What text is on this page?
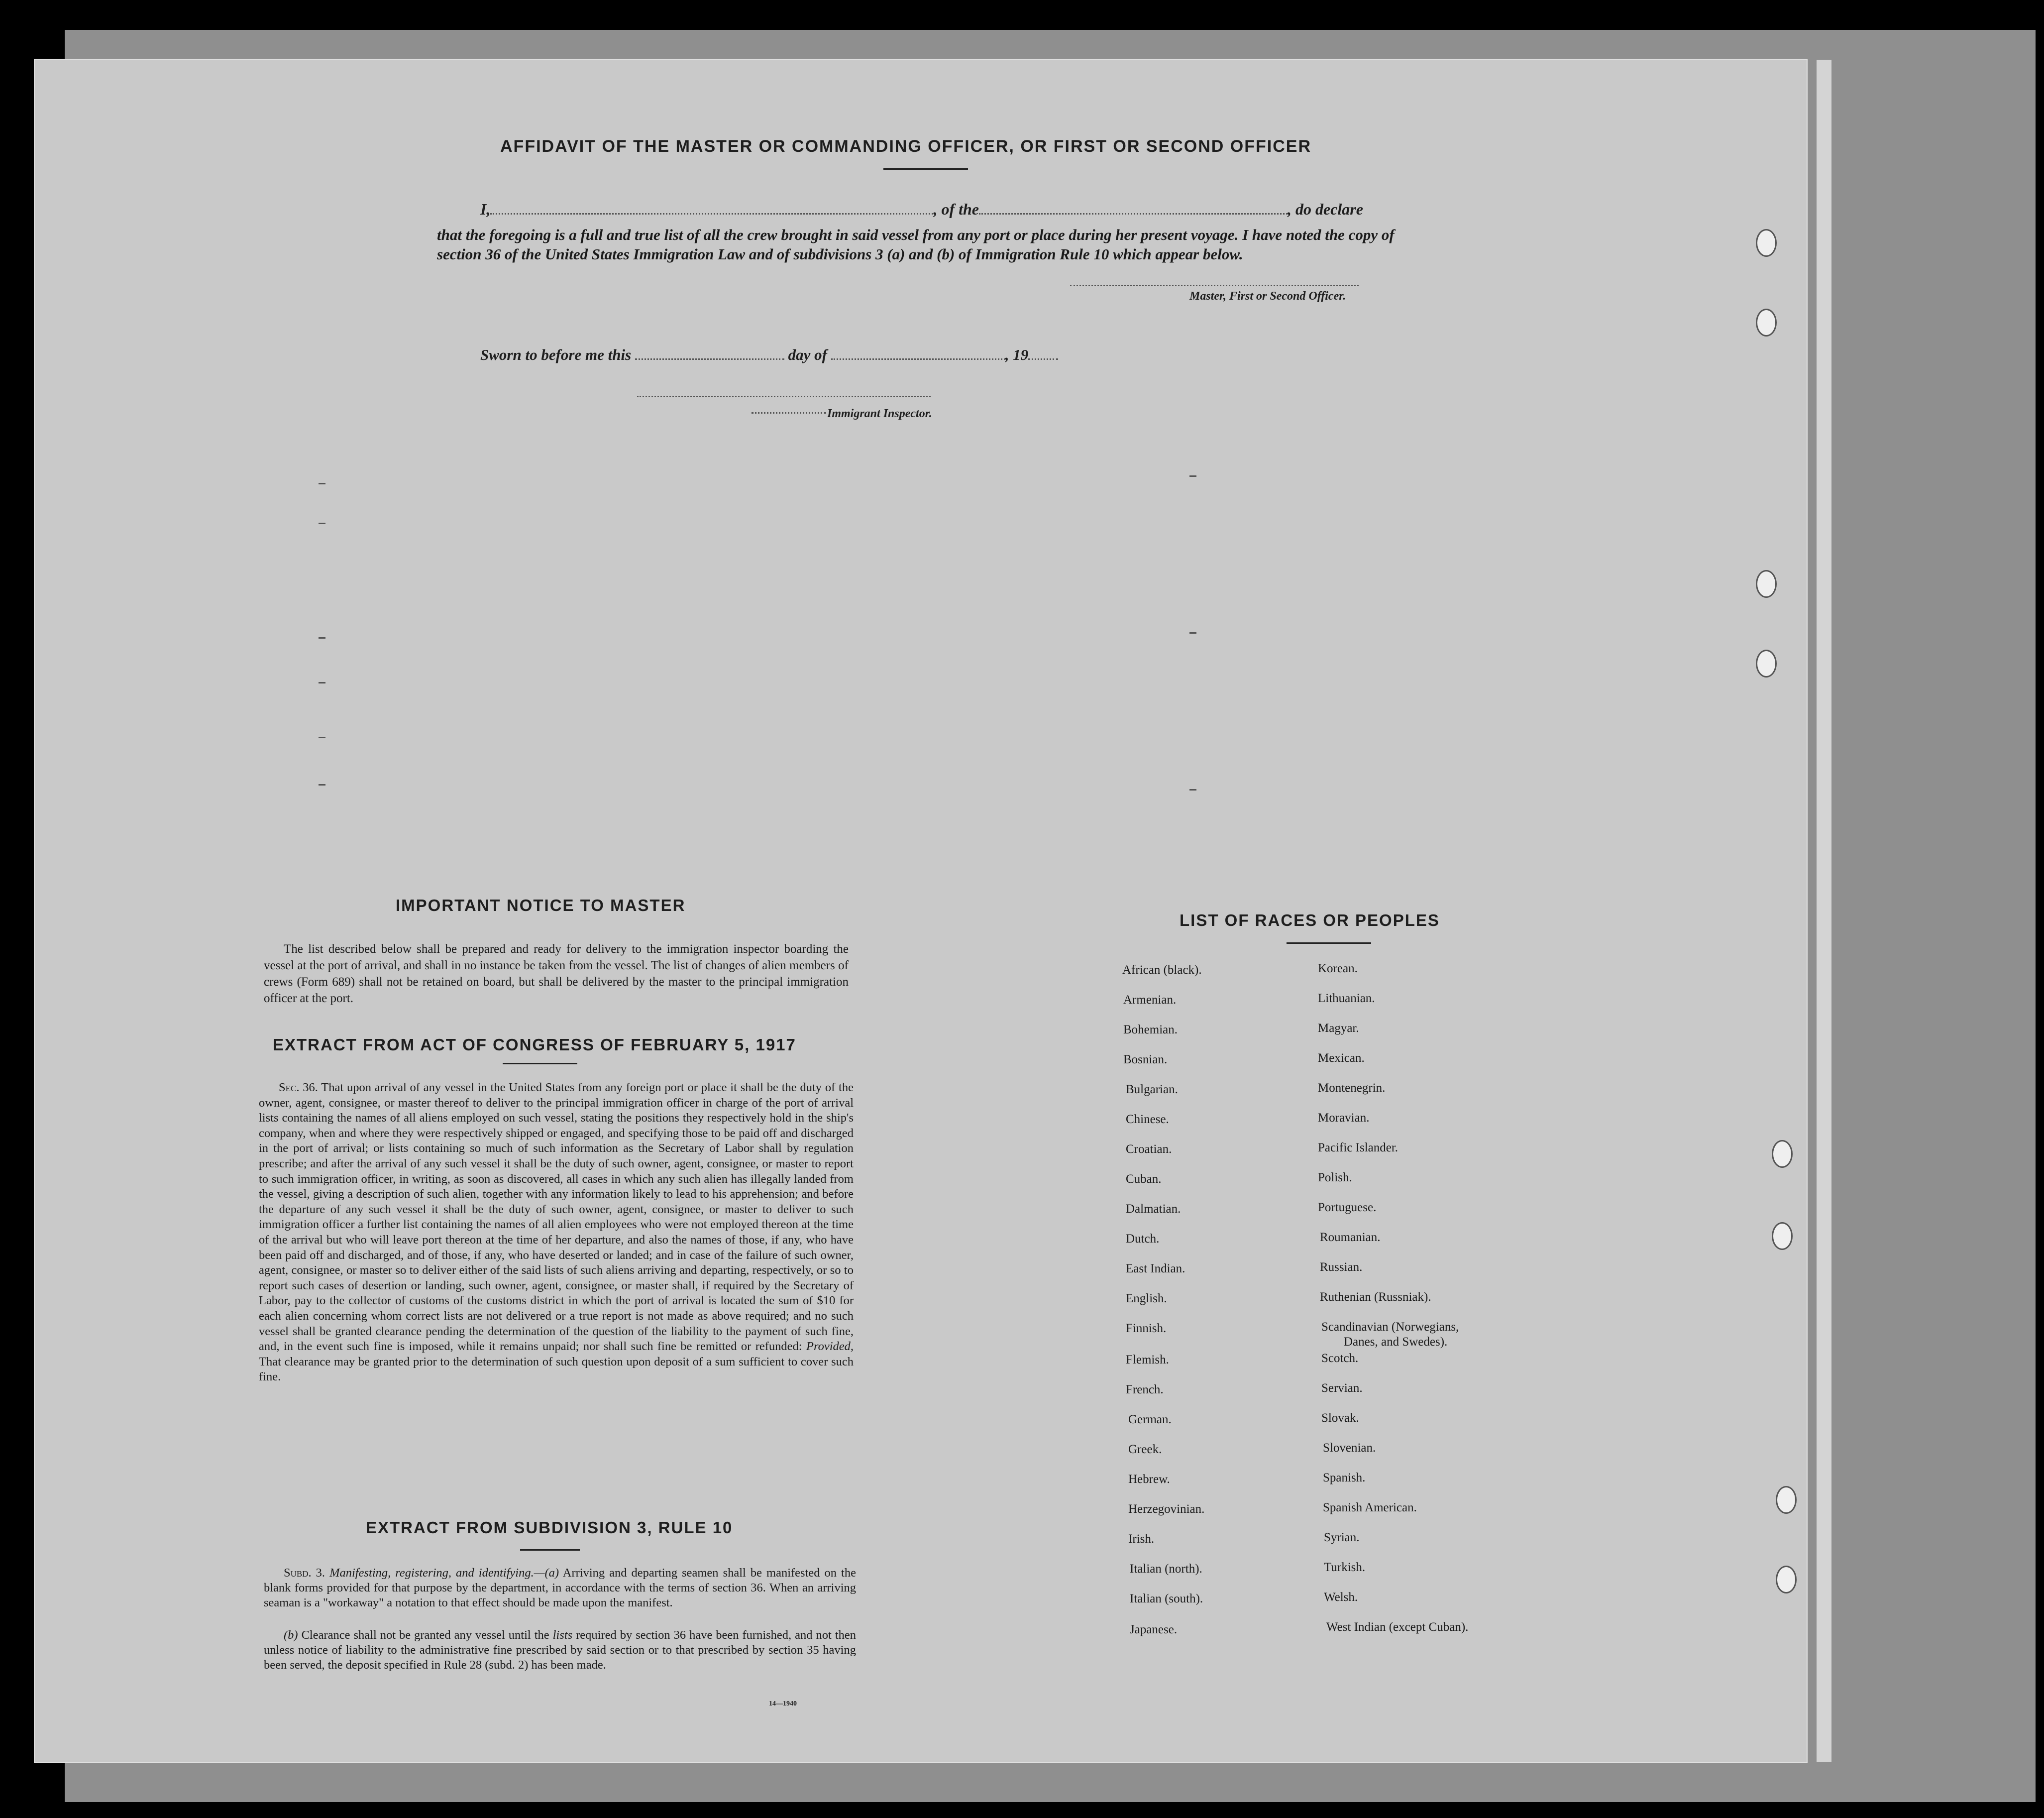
AFFIDAVIT OF THE MASTER OR COMMANDING OFFICER, OR FIRST OR SECOND OFFICER
I,	, of the	, do declare
that the foregoing is a full and true list of all the crew brought in said vessel from any port or place during her present voyage. I have noted the copy of section 36 of the United States Immigration Law and of subdivisions 3 (a) and (b) of Immigration Rule 10 which appear below.
Master, First or Second Officer.
Sworn to before me this	day of	, 19
Immigrant Inspector.
IMPORTANT NOTICE TO MASTER
The list described below shall be prepared and ready for delivery to the immigration inspector boarding the vessel at the port of arrival, and shall in no instance be taken from the vessel. The list of changes of alien members of crews (Form 689) shall not be retained on board, but shall be delivered by the master to the principal immigration officer at the port.
EXTRACT FROM ACT OF CONGRESS OF FEBRUARY 5, 1917
Sec. 36. That upon arrival of any vessel in the United States from any foreign port or place it shall be the duty of the owner, agent, consignee, or master thereof to deliver to the principal immigration officer in charge of the port of arrival lists containing the names of all aliens employed on such vessel, stating the positions they respectively hold in the ship's company, when and where they were respectively shipped or engaged, and specifying those to be paid off and discharged in the port of arrival; or lists containing so much of such information as the Secretary of Labor shall by regulation prescribe; and after the arrival of any such vessel it shall be the duty of such owner, agent, consignee, or master to report to such immigration officer, in writing, as soon as discovered, all cases in which any such alien has illegally landed from the vessel, giving a description of such alien, together with any information likely to lead to his apprehension; and before the departure of any such vessel it shall be the duty of such owner, agent, consignee, or master to deliver to such immigration officer a further list containing the names of all alien employees who were not employed thereon at the time of the arrival but who will leave port thereon at the time of her departure, and also the names of those, if any, who have been paid off and discharged, and of those, if any, who have deserted or landed; and in case of the failure of such owner, agent, consignee, or master so to deliver either of the said lists of such aliens arriving and departing, respectively, or so to report such cases of desertion or landing, such owner, agent, consignee, or master shall, if required by the Secretary of Labor, pay to the collector of customs of the customs district in which the port of arrival is located the sum of $10 for each alien concerning whom correct lists are not delivered or a true report is not made as above required; and no such vessel shall be granted clearance pending the determination of the question of the liability to the payment of such fine, and, in the event such fine is imposed, while it remains unpaid; nor shall such fine be remitted or refunded: Provided, That clearance may be granted prior to the determination of such question upon deposit of a sum sufficient to cover such fine.
EXTRACT FROM SUBDIVISION 3, RULE 10
Subd. 3. Manifesting, registering, and identifying.—(a) Arriving and departing seamen shall be manifested on the blank forms provided for that purpose by the department, in accordance with the terms of section 36. When an arriving seaman is a "workaway" a notation to that effect should be made upon the manifest.
(b) Clearance shall not be granted any vessel until the lists required by section 36 have been furnished, and not then unless notice of liability to the administrative fine prescribed by said section or to that prescribed by section 35 having been served, the deposit specified in Rule 28 (subd. 2) has been made.
14—1940
LIST OF RACES OR PEOPLES
African (black).
Armenian.
Bohemian.
Bosnian.
Bulgarian.
Chinese.
Croatian.
Cuban.
Dalmatian.
Dutch.
East Indian.
English.
Finnish.
Flemish.
French.
German.
Greek.
Hebrew.
Herzegovinian.
Irish.
Italian (north).
Italian (south).
Japanese.
Korean.
Lithuanian.
Magyar.
Mexican.
Montenegrin.
Moravian.
Pacific Islander.
Polish.
Portuguese.
Roumanian.
Russian.
Ruthenian (Russniak).
Scandinavian (Norwegians,
Danes, and Swedes).
Scotch.
Servian.
Slovak.
Slovenian.
Spanish.
Spanish American.
Syrian.
Turkish.
Welsh.
West Indian (except Cuban).
